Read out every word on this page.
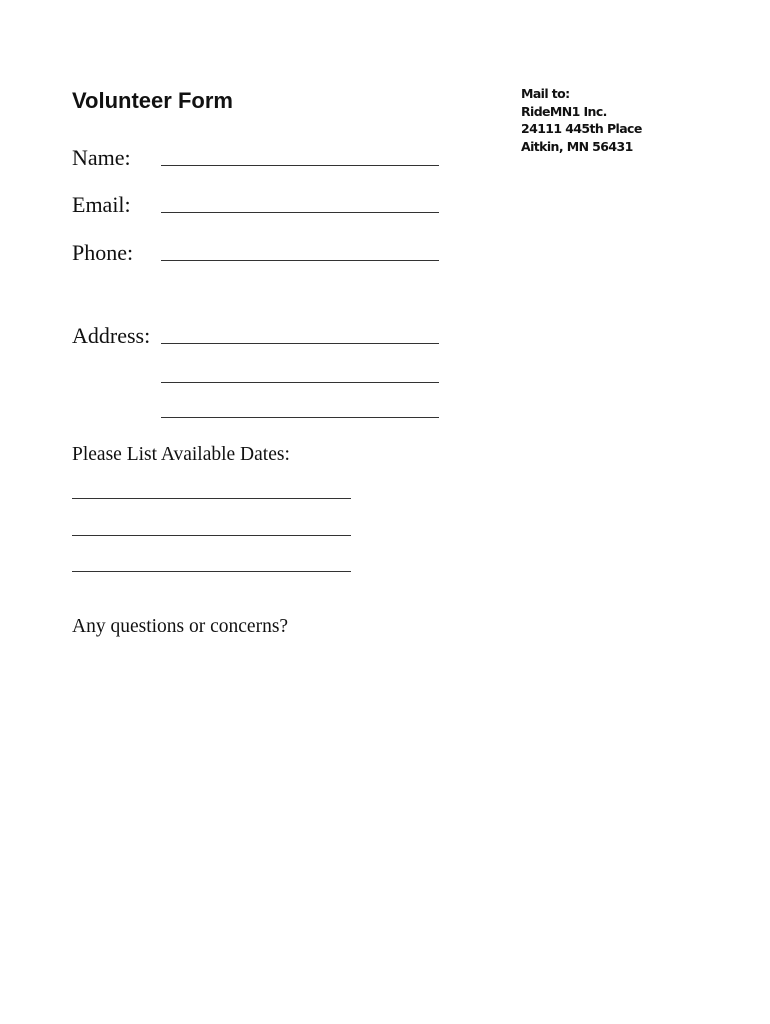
Volunteer Form	Mail to:
RideMN1 Inc.
24111 445th Place
Aitkin, MN 56431
Name:
Email:
Phone:
Address:
Please List Available Dates:
Any questions or concerns?
